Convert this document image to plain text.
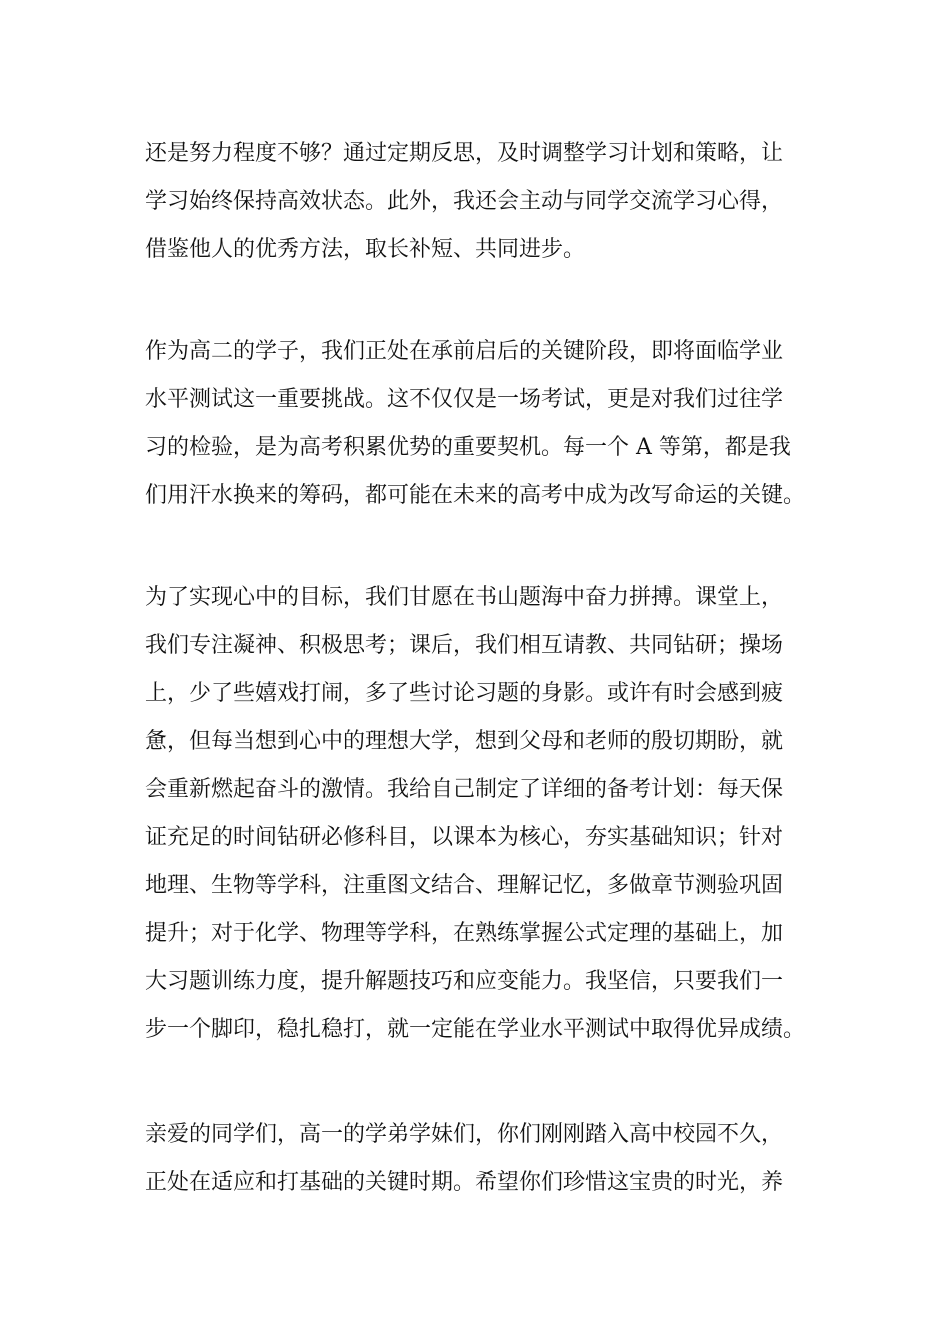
还是努力程度不够？通过定期反思，及时调整学习计划和策略，让
学习始终保持高效状态。此外，我还会主动与同学交流学习心得，
借鉴他人的优秀方法，取长补短、共同进步。
作为高二的学子，我们正处在承前启后的关键阶段，即将面临学业
水平测试这一重要挑战。这不仅仅是一场考试，更是对我们过往学
习的检验，是为高考积累优势的重要契机。每一个 A 等第，都是我
们用汗水换来的筹码，都可能在未来的高考中成为改写命运的关键。
为了实现心中的目标，我们甘愿在书山题海中奋力拼搏。课堂上，
我们专注凝神、积极思考；课后，我们相互请教、共同钻研；操场
上，少了些嬉戏打闹，多了些讨论习题的身影。或许有时会感到疲
惫，但每当想到心中的理想大学，想到父母和老师的殷切期盼，就
会重新燃起奋斗的激情。我给自己制定了详细的备考计划：每天保
证充足的时间钻研必修科目，以课本为核心，夯实基础知识；针对
地理、生物等学科，注重图文结合、理解记忆，多做章节测验巩固
提升；对于化学、物理等学科，在熟练掌握公式定理的基础上，加
大习题训练力度，提升解题技巧和应变能力。我坚信，只要我们一
步一个脚印，稳扎稳打，就一定能在学业水平测试中取得优异成绩。
亲爱的同学们，高一的学弟学妹们，你们刚刚踏入高中校园不久，
正处在适应和打基础的关键时期。希望你们珍惜这宝贵的时光，养
